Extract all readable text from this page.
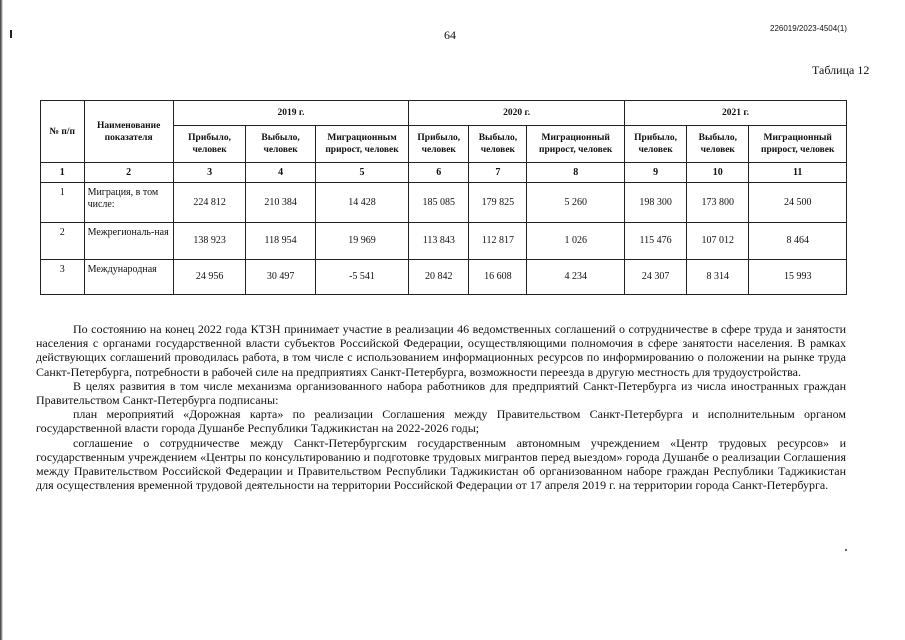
64	226019/2023-4504(1)
Таблица 12
№ п/п	Наименование показателя	2019 г.			2020 г.			2021 г.		
		Прибыло, человек	Выбыло, человек	Миграционным прирост, человек	Прибыло, человек	Выбыло, человек	Миграционный прирост, человек	Прибыло, человек	Выбыло, человек	Миграционный прирост, человек
1	2	3	4	5	6	7	8	9	10	11
1	Миграция, в том числе:	224 812	210 384	14 428	185 085	179 825	5 260	198 300	173 800	24 500
2	Межрегиональ-ная	138 923	118 954	19 969	113 843	112 817	1 026	115 476	107 012	8 464
3	Международная	24 956	30 497	-5 541	20 842	16 608	4 234	24 307	8 314	15 993

По состоянию на конец 2022 года КТЗН принимает участие в реализации 46 ведомственных соглашений о сотрудничестве в сфере труда и занятости населения с органами государственной власти субъектов Российской Федерации, осуществляющими полномочия в сфере занятости населения. В рамках действующих соглашений проводилась работа, в том числе с использованием информационных ресурсов по информированию о положении на рынке труда Санкт-Петербурга, потребности в рабочей силе на предприятиях Санкт-Петербурга, возможности переезда в другую местность для трудоустройства.

В целях развития в том числе механизма организованного набора работников для предприятий Санкт-Петербурга из числа иностранных граждан Правительством Санкт-Петербурга подписаны:

план мероприятий «Дорожная карта» по реализации Соглашения между Правительством Санкт-Петербурга и исполнительным органом государственной власти города Душанбе Республики Таджикистан на 2022-2026 годы;

соглашение о сотрудничестве между Санкт-Петербургским государственным автономным учреждением «Центр трудовых ресурсов» и государственным учреждением «Центры по консультированию и подготовке трудовых мигрантов перед выездом» города Душанбе о реализации Соглашения между Правительством Российской Федерации и Правительством Республики Таджикистан об организованном наборе граждан Республики Таджикистан для осуществления временной трудовой деятельности на территории Российской Федерации от 17 апреля 2019 г. на территории города Санкт-Петербурга.
